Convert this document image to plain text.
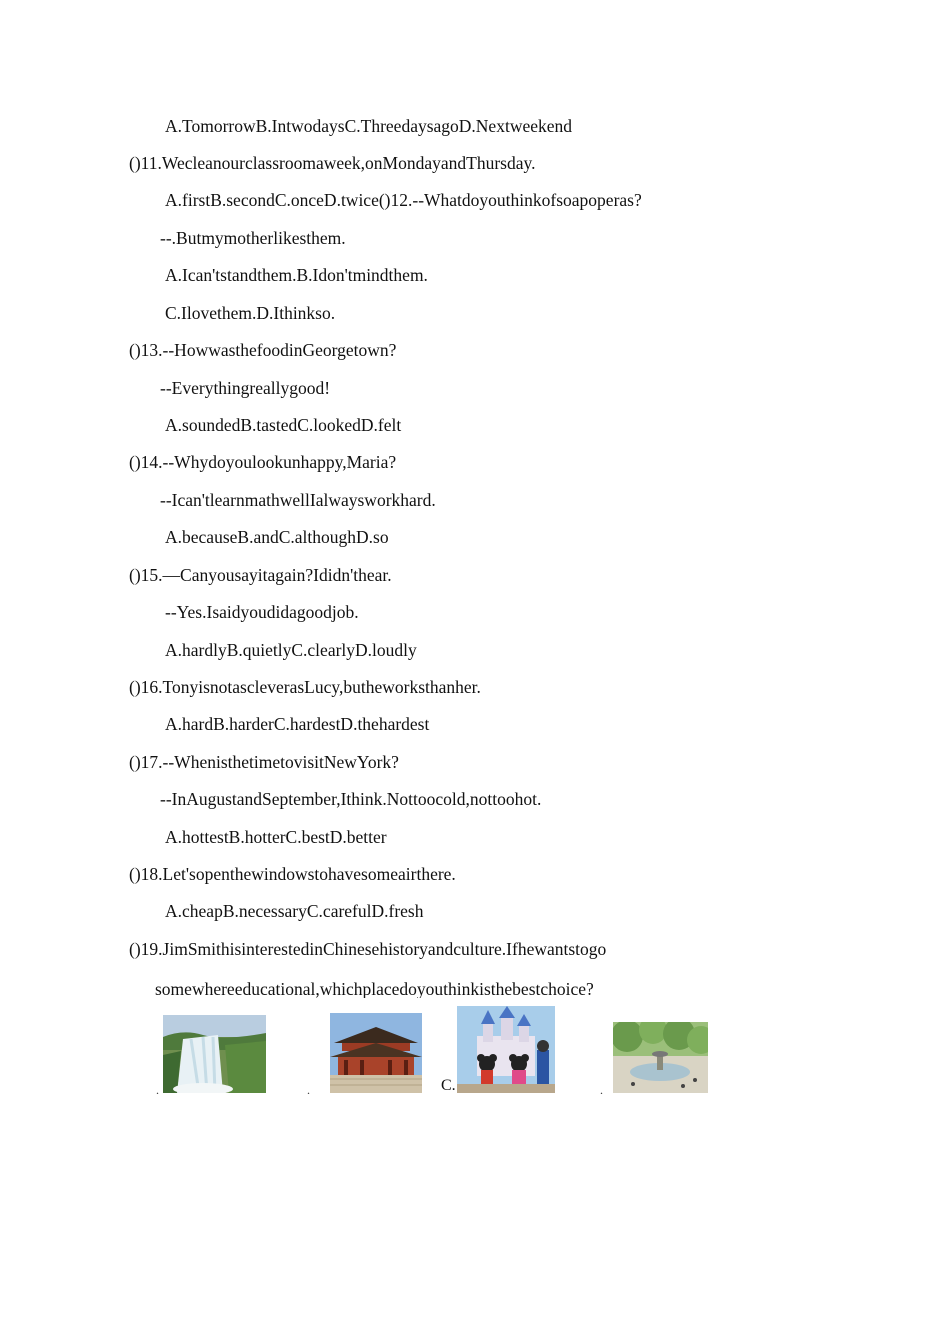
A.TomorrowB.IntwodaysC.ThreedaysagoD.Nextweekend
()11.Wecleanourclassroomaweek,onMondayandThursday.
A.firstB.secondC.onceD.twice()12.--Whatdoyouthinkofsoapoperas?
--.Butmymotherlikesthem.
A.Ican'tstandthem.B.Idon'tmindthem.
C.Ilovethem.D.Ithinkso.
()13.--HowwasthefoodinGeorgetown?
--Everythingreallygood!
A.soundedB.tastedC.lookedD.felt
()14.--Whydoyoulookunhappy,Maria?
--Ican'tlearnmathwellIalwaysworkhard.
A.becauseB.andC.althoughD.so
()15.—Canyousayitagain?Ididn'thear.
--Yes.Isaidyoudidagoodjob.
A.hardlyB.quietlyC.clearlyD.loudly
()16.TonyisnotascleverasLucy,butheworksthanher.
A.hardB.harderC.hardestD.thehardest
()17.--WhenisthetimetovisitNewYork?
--InAugustandSeptember,Ithink.Nottoocold,nottoohot.
A.hottestB.hotterC.bestD.better
()18.Let'sopenthewindowstohavesomeairthere.
A.cheapB.necessaryC.carefulD.fresh
()19.JimSmithisinterestedinChinesehistoryandculture.Ifhewantstogo
somewhereeducational,whichplacedoyouthinkisthebestchoice?
.	.	C.	.
